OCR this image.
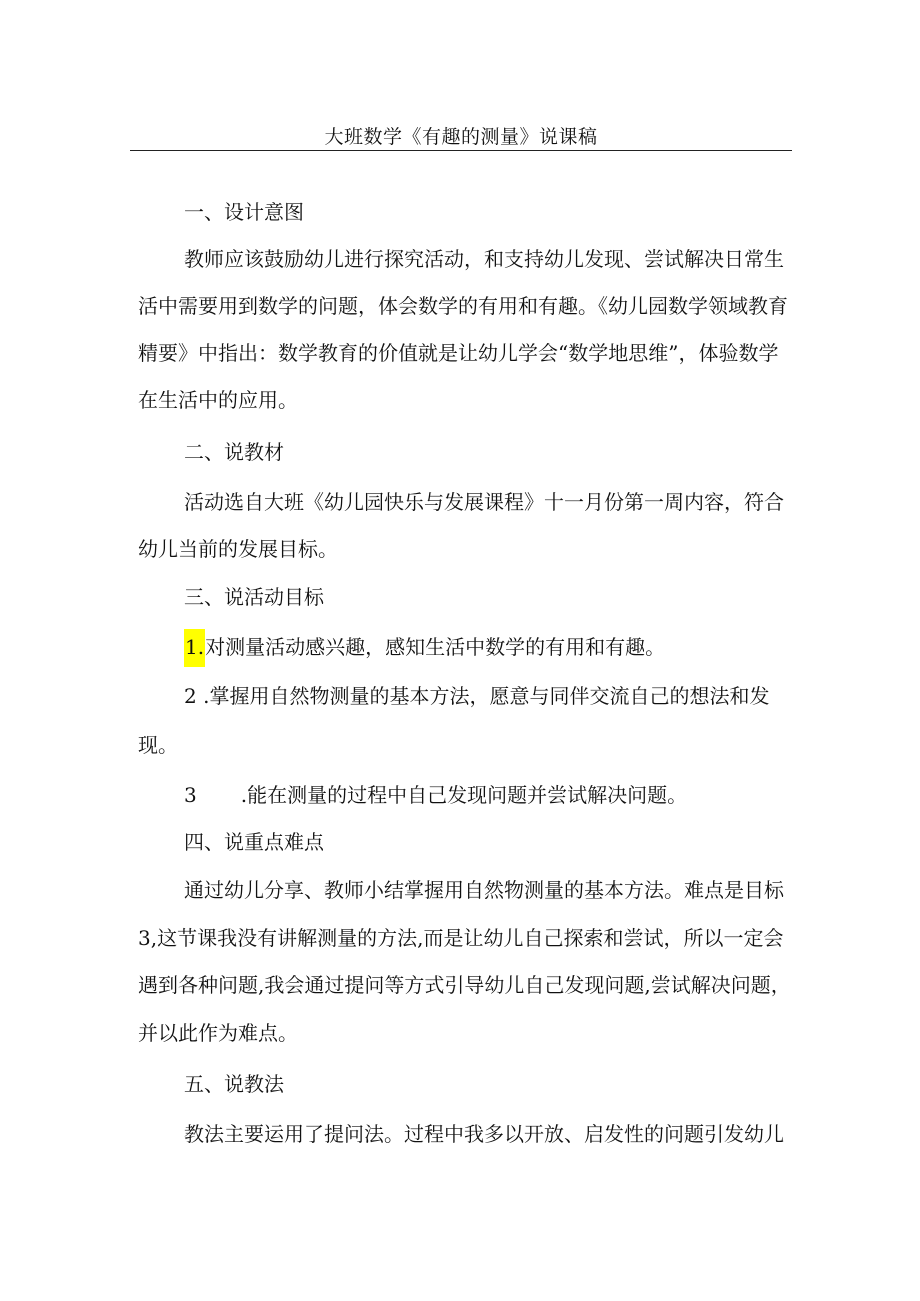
大班数学《有趣的测量》说课稿
一、设计意图
教师应该鼓励幼儿进行探究活动，和支持幼儿发现、尝试解决日常生
活中需要用到数学的问题，体会数学的有用和有趣。《幼儿园数学领域教育
精要》中指出：数学教育的价值就是让幼儿学会“数学地思维”，体验数学
在生活中的应用。
二、说教材
活动选自大班《幼儿园快乐与发展课程》十一月份第一周内容，符合
幼儿当前的发展目标。
三、说活动目标
1.对测量活动感兴趣，感知生活中数学的有用和有趣。
2 .掌握用自然物测量的基本方法，愿意与同伴交流自己的想法和发
现。
3 .能在测量的过程中自己发现问题并尝试解决问题。
四、说重点难点
通过幼儿分享、教师小结掌握用自然物测量的基本方法。难点是目标
3,这节课我没有讲解测量的方法,而是让幼儿自己探索和尝试，所以一定会
遇到各种问题,我会通过提问等方式引导幼儿自己发现问题,尝试解决问题，
并以此作为难点。
五、说教法
教法主要运用了提问法。过程中我多以开放、启发性的问题引发幼儿
